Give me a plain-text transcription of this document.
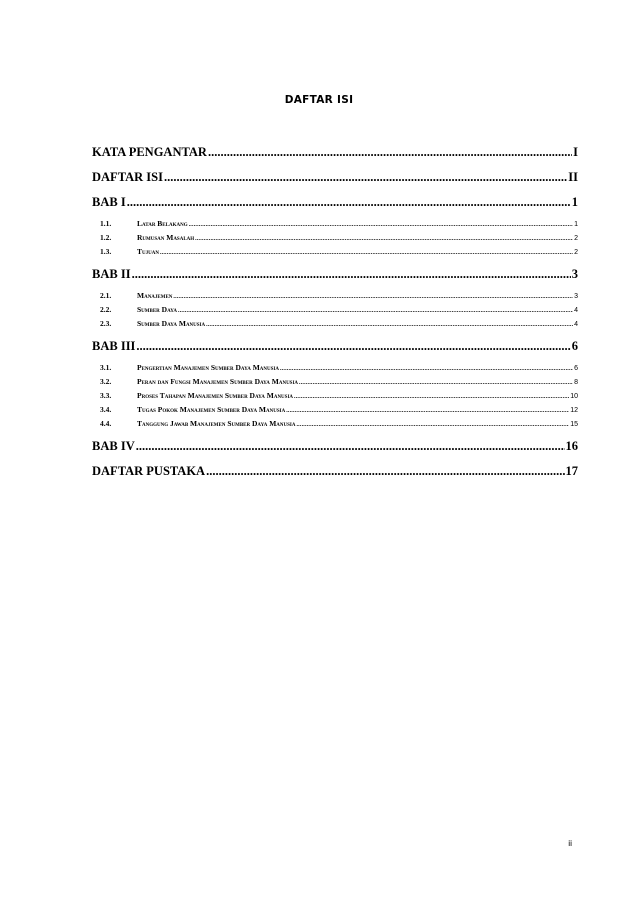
DAFTAR ISI
KATA PENGANTAR .....	I
DAFTAR ISI .....	II
BAB I .....	1
1.1.	Latar Belakang .....	1
1.2.	Rumusan Masalah .....	2
1.3.	Tujuan .....	2
BAB II .....	3
2.1.	Manajemen .....	3
2.2.	Sumber Daya .....	4
2.3.	Sumber Daya Manusia .....	4
BAB III .....	6
3.1.	Pengertian Manajemen Sumber Daya Manusia .....	6
3.2.	Peran dan Fungsi Manajemen Sumber Daya Manusia .....	8
3.3.	Proses Tahapan Manajemen Sumber Daya Manusia .....	10
3.4.	Tugas Pokok Manajemen Sumber Daya Manusia .....	12
4.4.	Tanggung Jawab Manajemen Sumber Daya Manusia .....	15
BAB IV .....	16
DAFTAR PUSTAKA .....	17
ii
